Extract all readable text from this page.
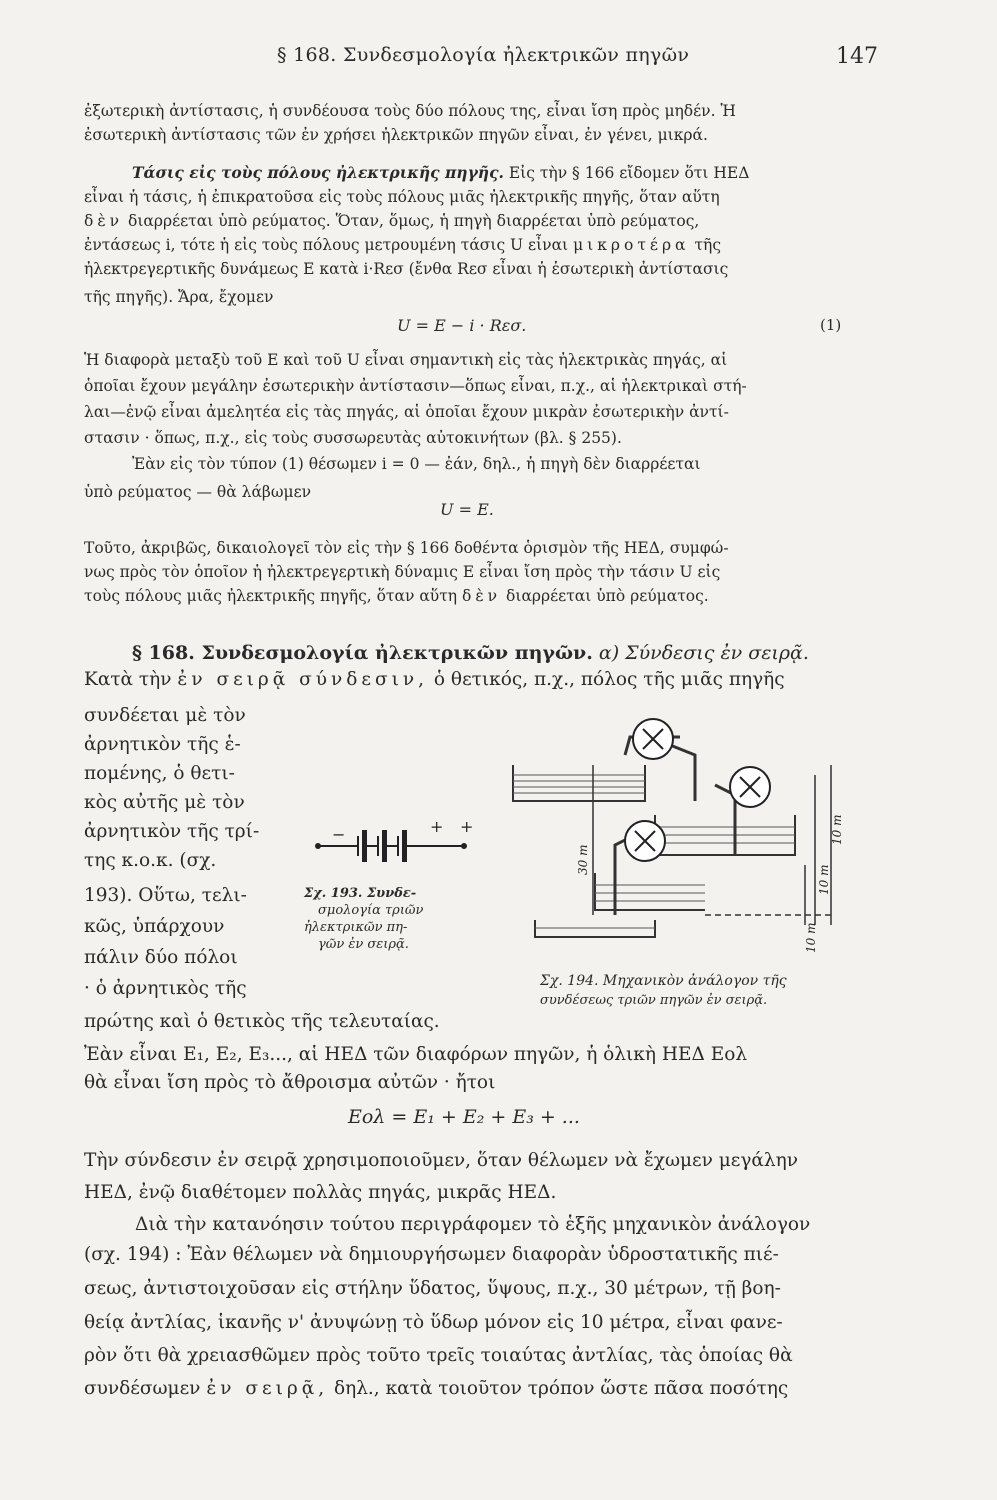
§ 168. Συνδεσμολογία ἠλεκτρικῶν πηγῶν	147
ἐξωτερικὴ ἀντίστασις, ἡ συνδέουσα τοὺς δύο πόλους της, εἶναι ἴση πρὸς μηδέν. Ἡ
ἐσωτερικὴ ἀντίστασις τῶν ἐν χρήσει ἠλεκτρικῶν πηγῶν εἶναι, ἐν γένει, μικρά.
Τάσις εἰς τοὺς πόλους ἠλεκτρικῆς πηγῆς. Εἰς τὴν § 166 εἴδομεν ὅτι ΗΕΔ
εἶναι ἡ τάσις, ἡ ἐπικρατοῦσα εἰς τοὺς πόλους μιᾶς ἠλεκτρικῆς πηγῆς, ὅταν αὕτη
δὲν διαρρέεται ὑπὸ ρεύματος. Ὅταν, ὅμως, ἡ πηγὴ διαρρέεται ὑπὸ ρεύματος,
ἐντάσεως i, τότε ἡ εἰς τοὺς πόλους μετρουμένη τάσις U εἶναι μικροτέρα τῆς
ἠλεκτρεγερτικῆς δυνάμεως E κατὰ i·Rεσ (ἔνθα Rεσ εἶναι ἡ ἐσωτερικὴ ἀντίστασις
τῆς πηγῆς). Ἄρα, ἔχομεν
U = E − i · Rεσ.	(1)
Ἡ διαφορὰ μεταξὺ τοῦ E καὶ τοῦ U εἶναι σημαντικὴ εἰς τὰς ἠλεκτρικὰς πηγάς, αἱ
ὁποῖαι ἔχουν μεγάλην ἐσωτερικὴν ἀντίστασιν—ὅπως εἶναι, π.χ., αἱ ἠλεκτρικαὶ στή-
λαι—ἐνῷ εἶναι ἀμελητέα εἰς τὰς πηγάς, αἱ ὁποῖαι ἔχουν μικρὰν ἐσωτερικὴν ἀντί-
στασιν · ὅπως, π.χ., εἰς τοὺς συσσωρευτὰς αὐτοκινήτων (βλ. § 255).
Ἐὰν εἰς τὸν τύπον (1) θέσωμεν i = 0 — ἐάν, δηλ., ἡ πηγὴ δὲν διαρρέεται
ὑπὸ ρεύματος — θὰ λάβωμεν
U = E.
Τοῦτο, ἀκριβῶς, δικαιολογεῖ τὸν εἰς τὴν § 166 δοθέντα ὁρισμὸν τῆς ΗΕΔ, συμφώ-
νως πρὸς τὸν ὁποῖον ἡ ἠλεκτρεγερτικὴ δύναμις E εἶναι ἴση πρὸς τὴν τάσιν U εἰς
τοὺς πόλους μιᾶς ἠλεκτρικῆς πηγῆς, ὅταν αὕτη δὲν διαρρέεται ὑπὸ ρεύματος.
§ 168. Συνδεσμολογία ἠλεκτρικῶν πηγῶν. α) Σύνδεσις ἐν σειρᾷ.
Κατὰ τὴν ἐν σειρᾷ σύνδεσιν, ὁ θετικός, π.χ., πόλος τῆς μιᾶς πηγῆς
συνδέεται μὲ τὸν
ἀρνητικὸν τῆς ἑ-
πομένης, ὁ θετι-
κὸς αὐτῆς μὲ τὸν
ἀρνητικὸν τῆς τρί-
της κ.ο.κ. (σχ.
193). Οὕτω, τελι-
κῶς, ὑπάρχουν
πάλιν δύο πόλοι
· ὁ ἀρνητικὸς τῆς
πρώτης καὶ ὁ θετικὸς τῆς τελευταίας.
Ἐὰν εἶναι E₁, E₂, E₃..., αἱ ΗΕΔ τῶν διαφόρων πηγῶν, ἡ ὁλικὴ ΗΕΔ Eολ
θὰ εἶναι ἴση πρὸς τὸ ἄθροισμα αὐτῶν · ἤτοι
Eολ = E₁ + E₂ + E₃ + ...
Τὴν σύνδεσιν ἐν σειρᾷ χρησιμοποιοῦμεν, ὅταν θέλωμεν νὰ ἔχωμεν μεγάλην
ΗΕΔ, ἐνῷ διαθέτομεν πολλὰς πηγάς, μικρᾶς ΗΕΔ.
Διὰ τὴν κατανόησιν τούτου περιγράφομεν τὸ ἑξῆς μηχανικὸν ἀνάλογον
(σχ. 194) : Ἐὰν θέλωμεν νὰ δημιουργήσωμεν διαφορὰν ὑδροστατικῆς πιέ-
σεως, ἀντιστοιχοῦσαν εἰς στήλην ὕδατος, ὕψους, π.χ., 30 μέτρων, τῇ βοη-
θείᾳ ἀντλίας, ἱκανῆς ν' ἀνυψώνῃ τὸ ὕδωρ μόνον εἰς 10 μέτρα, εἶναι φανε-
ρὸν ὅτι θὰ χρειασθῶμεν πρὸς τοῦτο τρεῖς τοιαύτας ἀντλίας, τὰς ὁποίας θὰ
συνδέσωμεν ἐν σειρᾷ, δηλ., κατὰ τοιοῦτον τρόπον ὥστε πᾶσα ποσότης
−	+ +
Σχ. 193. Συνδε-
σμολογία τριῶν
ἠλεκτρικῶν πη-
γῶν ἐν σειρᾷ.
30 m
10 m
10 m
10 m
Σχ. 194. Μηχανικὸν ἀνάλογον τῆς
συνδέσεως τριῶν πηγῶν ἐν σειρᾷ.
